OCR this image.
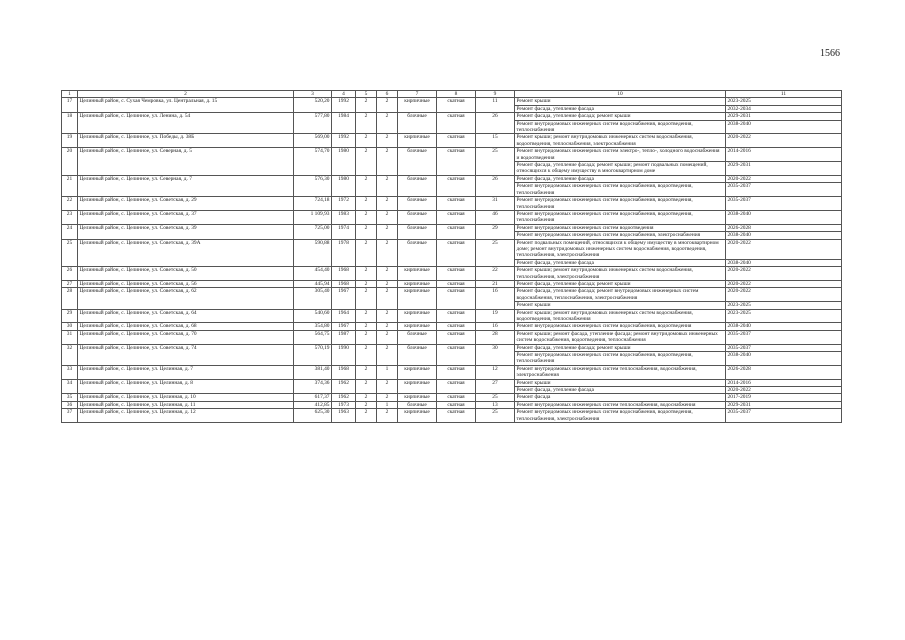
1566
1	2	3	4	5	6	7	8	9	10	11
17	Целинный район, с. Сухая Чемровка, ул. Центральная, д. 15	520,20	1992	2	2	кирпичные	скатная	11	Ремонт крыши	2023-2025
									Ремонт фасада, утепление фасада	2032-2034
18	Целинный район, с. Целинное, ул. Ленина, д. 54	577,80	1984	2	2	блочные	скатная	26	Ремонт фасада, утепление фасада; ремонт крыши	2029-2031
									Ремонт внутридомовых инженерных систем водоснабжения, водоотведения, теплоснабжения	2038-2040
19	Целинный район, с. Целинное, ул. Победы, д. 38Б	569,00	1992	2	2	кирпичные	скатная	15	Ремонт крыши; ремонт внутридомовых инженерных систем водоснабжения, водоотведения, теплоснабжения, электроснабжения	2020-2022
20	Целинный район, с. Целинное, ул. Северная, д. 5	574,70	1980	2	2	блочные	скатная	25	Ремонт внутридомовых инженерных систем электро-, тепло-, холодного водоснабжения и водоотведения	2014-2016
									Ремонт фасада, утепление фасада; ремонт крыши; ремонт подвальных помещений, относящихся к общему имуществу в многоквартирном доме	2029-2031
21	Целинный район, с. Целинное, ул. Северная, д. 7	576,30	1980	2	2	блочные	скатная	26	Ремонт фасада, утепление фасада	2020-2022
									Ремонт внутридомовых инженерных систем водоснабжения, водоотведения, теплоснабжения	2035-2037
22	Целинный район, с. Целинное, ул. Советская, д. 29	724,18	1972	2	2	блочные	скатная	31	Ремонт внутридомовых инженерных систем водоснабжения, водоотведения, теплоснабжения	2035-2037
23	Целинный район, с. Целинное, ул. Советская, д. 37	1 109,93	1983	2	2	блочные	скатная	46	Ремонт внутридомовых инженерных систем водоснабжения, водоотведения, теплоснабжения	2038-2040
24	Целинный район, с. Целинное, ул. Советская, д. 39	725,00	1974	2	2	блочные	скатная	29	Ремонт внутридомовых инженерных систем водоотведения	2026-2028
									Ремонт внутридомовых инженерных систем водоснабжения, электроснабжения	2038-2040
25	Целинный район, с. Целинное, ул. Советская, д. 39А	590,88	1978	2	2	блочные	скатная	25	Ремонт подвальных помещений, относящихся к общему имуществу в многоквартирном доме; ремонт внутридомовых инженерных систем водоснабжения, водоотведения, теплоснабжения, электроснабжения	2020-2022
									Ремонт фасада, утепление фасада	2038-2040
26	Целинный район, с. Целинное, ул. Советская, д. 50	454,40	1968	2	2	кирпичные	скатная	22	Ремонт крыши; ремонт внутридомовых инженерных систем водоснабжения, теплоснабжения, электроснабжения	2020-2022
27	Целинный район, с. Целинное, ул. Советская, д. 56	445,94	1968	2	2	кирпичные	скатная	21	Ремонт фасада, утепление фасада; ремонт крыши	2020-2022
28	Целинный район, с. Целинное, ул. Советская, д. 62	305,40	1967	2	2	кирпичные	скатная	16	Ремонт фасада, утепление фасада; ремонт внутридомовых инженерных систем водоснабжения, теплоснабжения, электроснабжения	2020-2022
									Ремонт крыши	2023-2025
29	Целинный район, с. Целинное, ул. Советская, д. 64	540,60	1964	2	2	кирпичные	скатная	19	Ремонт крыши; ремонт внутридомовых инженерных систем водоснабжения, водоотведения, теплоснабжения	2023-2025
30	Целинный район, с. Целинное, ул. Советская, д. 68	354,80	1967	2	2	кирпичные	скатная	16	Ремонт внутридомовых инженерных систем водоснабжения, водоотведения	2038-2040
31	Целинный район, с. Целинное, ул. Советская, д. 70	564,75	1987	2	2	блочные	скатная	28	Ремонт крыши; ремонт фасада, утепление фасада; ремонт внутридомовых инженерных систем водоснабжения, водоотведения, теплоснабжения	2035-2037
32	Целинный район, с. Целинное, ул. Советская, д. 74	570,19	1990	2	2	блочные	скатная	30	Ремонт фасада, утепление фасада; ремонт крыши	2035-2037
									Ремонт внутридомовых инженерных систем водоснабжения, водоотведения, теплоснабжения	2038-2040
33	Целинный район, с. Целинное, ул. Целинная, д. 7	381,40	1968	2	1	кирпичные	скатная	12	Ремонт внутридомовых инженерных систем теплоснабжения, водоснабжения, электроснабжения	2026-2028
34	Целинный район, с. Целинное, ул. Целинная, д. 8	374,36	1962	2	2	кирпичные	скатная	27	Ремонт крыши	2014-2016
									Ремонт фасада, утепление фасада	2020-2022
35	Целинный район, с. Целинное, ул. Целинная, д. 10	617,37	1962	2	2	кирпичные	скатная	25	Ремонт фасада	2017-2019
36	Целинный район, с. Целинное, ул. Целинная, д. 11	412,85	1973	2	1	блочные	скатная	13	Ремонт внутридомовых инженерных систем теплоснабжения, водоснабжения	2029-2031
37	Целинный район, с. Целинное, ул. Целинная, д. 12	625,30	1963	2	2	кирпичные	скатная	25	Ремонт внутридомовых инженерных систем водоснабжения, водоотведения, теплоснабжения, электроснабжения	2035-2037
